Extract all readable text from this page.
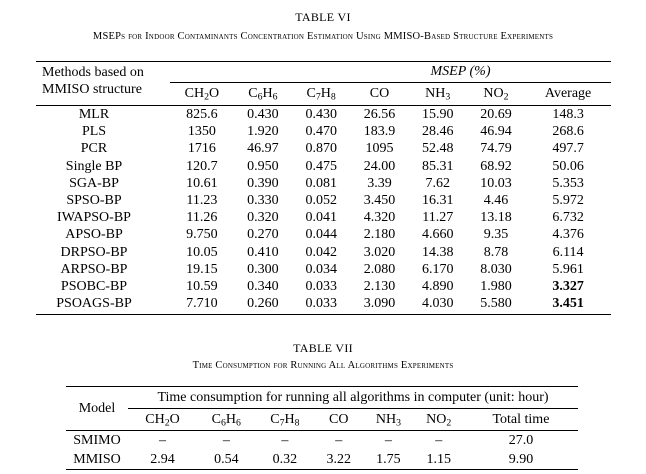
TABLE VI
MSEPs for Indoor Contaminants Concentration Estimation Using MMISO-Based Structure Experiments
Methods based on
MMISO structure	MSEP (%)						
	$CH_2O$	$C_6H_6$	$C_7H_8$	CO	$NH_3$	$NO_2$	Average
MLR	825.6	0.430	0.430	26.56	15.90	20.69	148.3
PLS	1350	1.920	0.470	183.9	28.46	46.94	268.6
PCR	1716	46.97	0.870	1095	52.48	74.79	497.7
Single BP	120.7	0.950	0.475	24.00	85.31	68.92	50.06
SGA-BP	10.61	0.390	0.081	3.39	7.62	10.03	5.353
SPSO-BP	11.23	0.330	0.052	3.450	16.31	4.46	5.972
IWAPSO-BP	11.26	0.320	0.041	4.320	11.27	13.18	6.732
APSO-BP	9.750	0.270	0.044	2.180	4.660	9.35	4.376
DRPSO-BP	10.05	0.410	0.042	3.020	14.38	8.78	6.114
ARPSO-BP	19.15	0.300	0.034	2.080	6.170	8.030	5.961
PSOBC-BP	10.59	0.340	0.033	2.130	4.890	1.980	3.327
PSOAGS-BP	7.710	0.260	0.033	3.090	4.030	5.580	3.451
TABLE VII
Time Consumption for Running All Algorithms Experiments
Model	Time consumption for running all algorithms in computer (unit: hour)						
	$CH_2O$	$C_6H_6$	$C_7H_8$	CO	$NH_3$	$NO_2$	Total time
SMIMO	–	–	–	–	–	–	27.0
MMISO	2.94	0.54	0.32	3.22	1.75	1.15	9.90
